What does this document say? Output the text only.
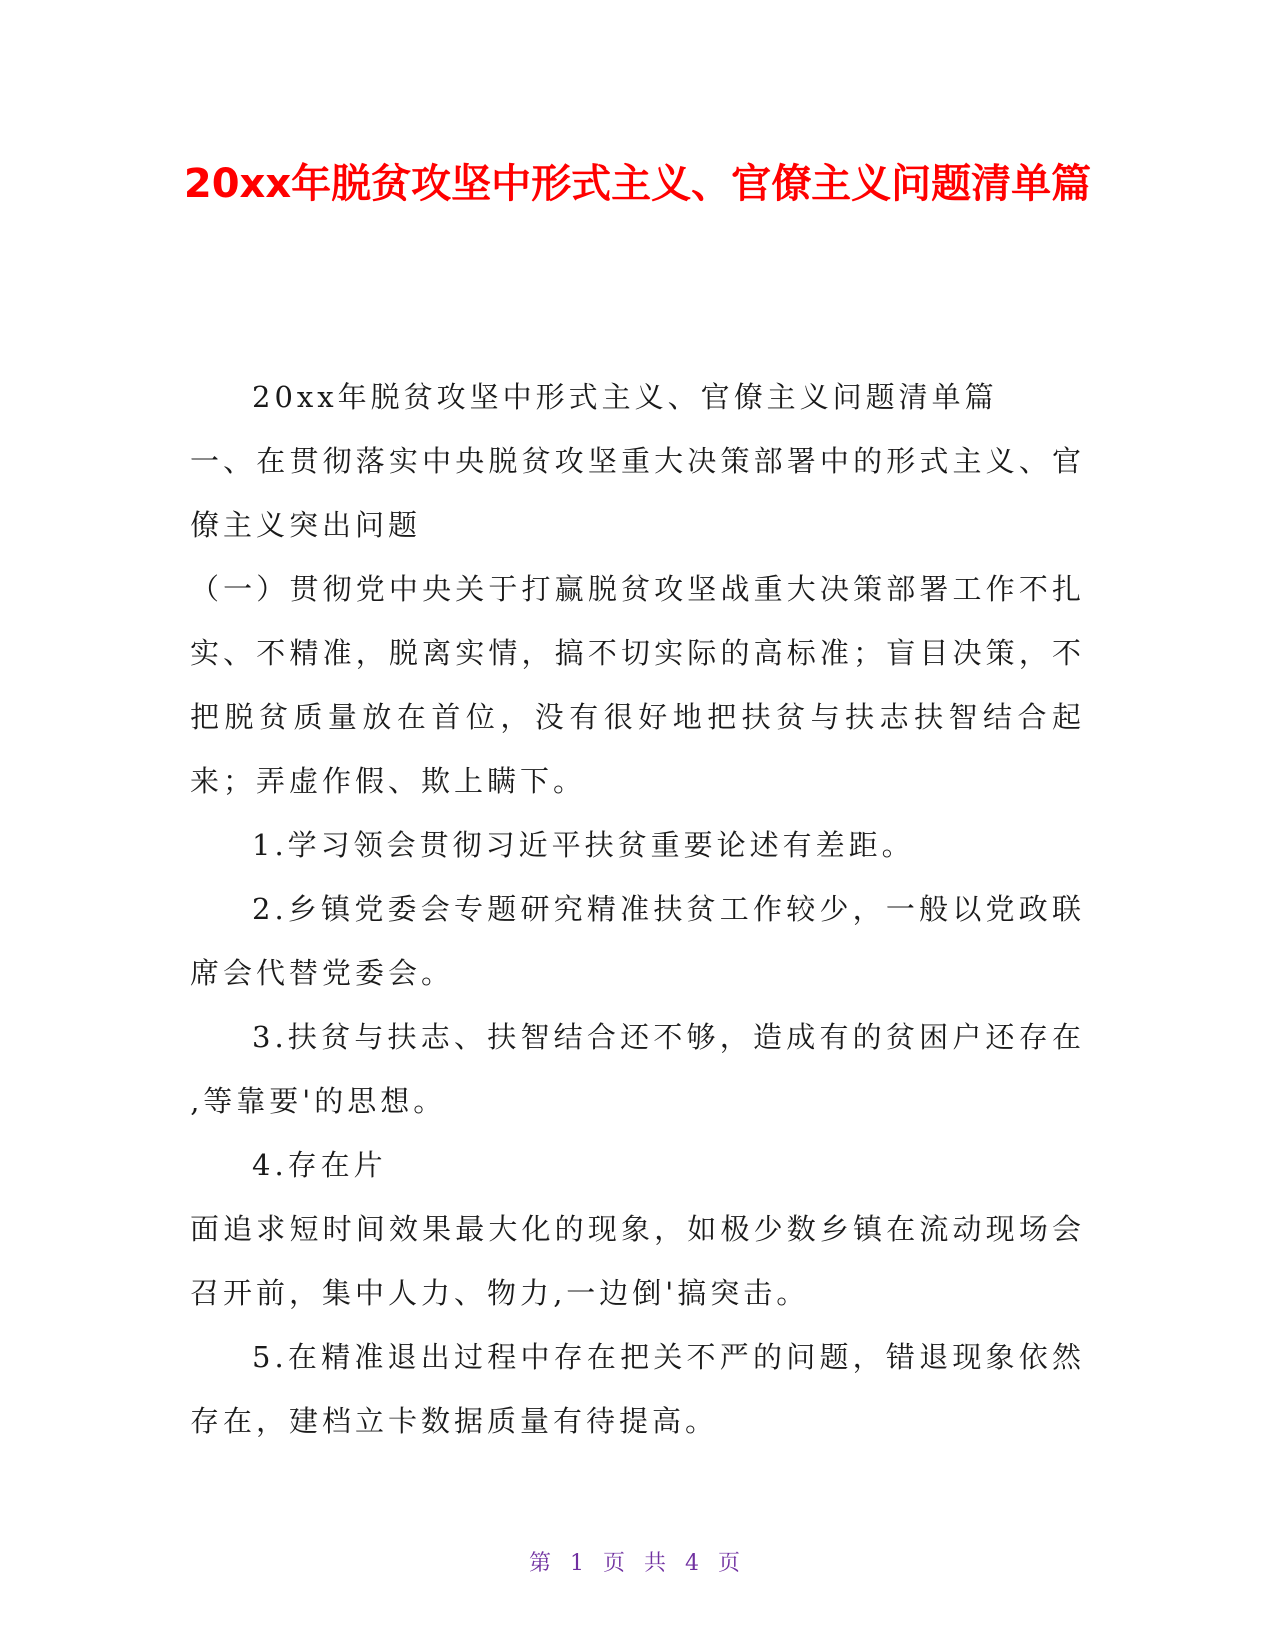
20xx年脱贫攻坚中形式主义、官僚主义问题清单篇

20xx年脱贫攻坚中形式主义、官僚主义问题清单篇

一、在贯彻落实中央脱贫攻坚重大决策部署中的形式主义、官僚主义突出问题

（一）贯彻党中央关于打赢脱贫攻坚战重大决策部署工作不扎实、不精准，脱离实情，搞不切实际的高标准；盲目决策，不把脱贫质量放在首位，没有很好地把扶贫与扶志扶智结合起来；弄虚作假、欺上瞒下。

1.学习领会贯彻习近平扶贫重要论述有差距。

2.乡镇党委会专题研究精准扶贫工作较少，一般以党政联席会代替党委会。

3.扶贫与扶志、扶智结合还不够，造成有的贫困户还存在‚等靠要'的思想。

4.存在片

面追求短时间效果最大化的现象，如极少数乡镇在流动现场会召开前，集中人力、物力‚一边倒'搞突击。

5.在精准退出过程中存在把关不严的问题，错退现象依然存在，建档立卡数据质量有待提高。

第 1 页 共 4 页
